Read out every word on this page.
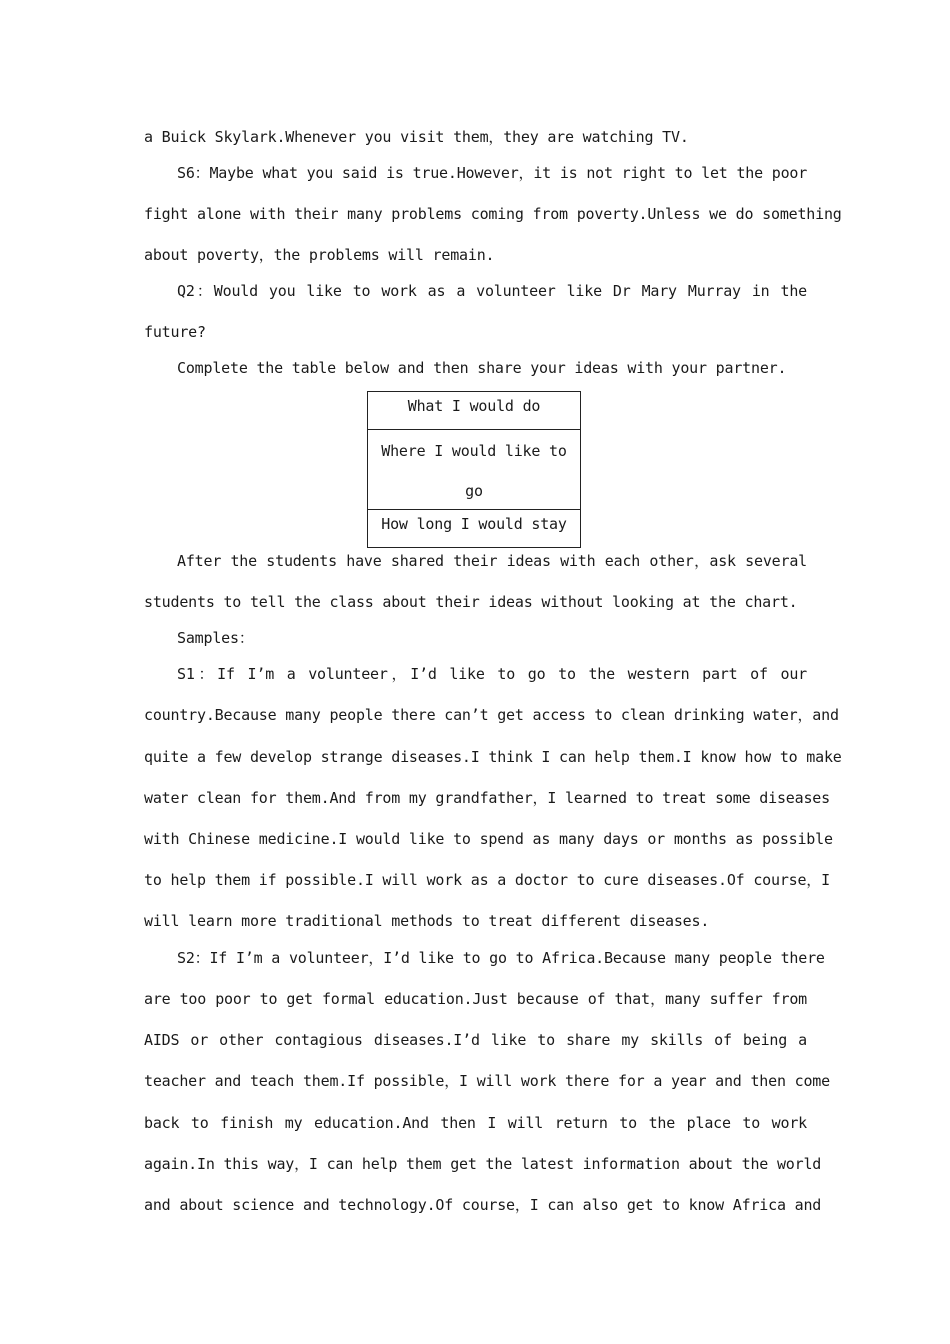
a Buick Skylark.Whenever you visit them，they are watching TV.
S6：Maybe what you said is true.However，it is not right to let the poor
fight alone with their many problems coming from poverty.Unless we do something
about poverty，the problems will remain.
Q2：Would you like to work as a volunteer like Dr Mary Murray in the
future?
Complete the table below and then share your ideas with your partner.
After the students have shared their ideas with each other，ask several
students to tell the class about their ideas without looking at the chart.
Samples：
S1：If I’m a volunteer，I’d like to go to the western part of our
country.Because many people there can’t get access to clean drinking water，and
quite a few develop strange diseases.I think I can help them.I know how to make
water clean for them.And from my grandfather，I learned to treat some diseases
with Chinese medicine.I would like to spend as many days or months as possible
to help them if possible.I will work as a doctor to cure diseases.Of course，I
will learn more traditional methods to treat different diseases.
S2：If I’m a volunteer，I’d like to go to Africa.Because many people there
are too poor to get formal education.Just because of that，many suffer from
AIDS or other contagious diseases.I’d like to share my skills of being a
teacher and teach them.If possible，I will work there for a year and then come
back to finish my education.And then I will return to the place to work
again.In this way，I can help them get the latest information about the world
and about science and technology.Of course，I can also get to know Africa and
What I would do
Where I would like to
go
How long I would stay
